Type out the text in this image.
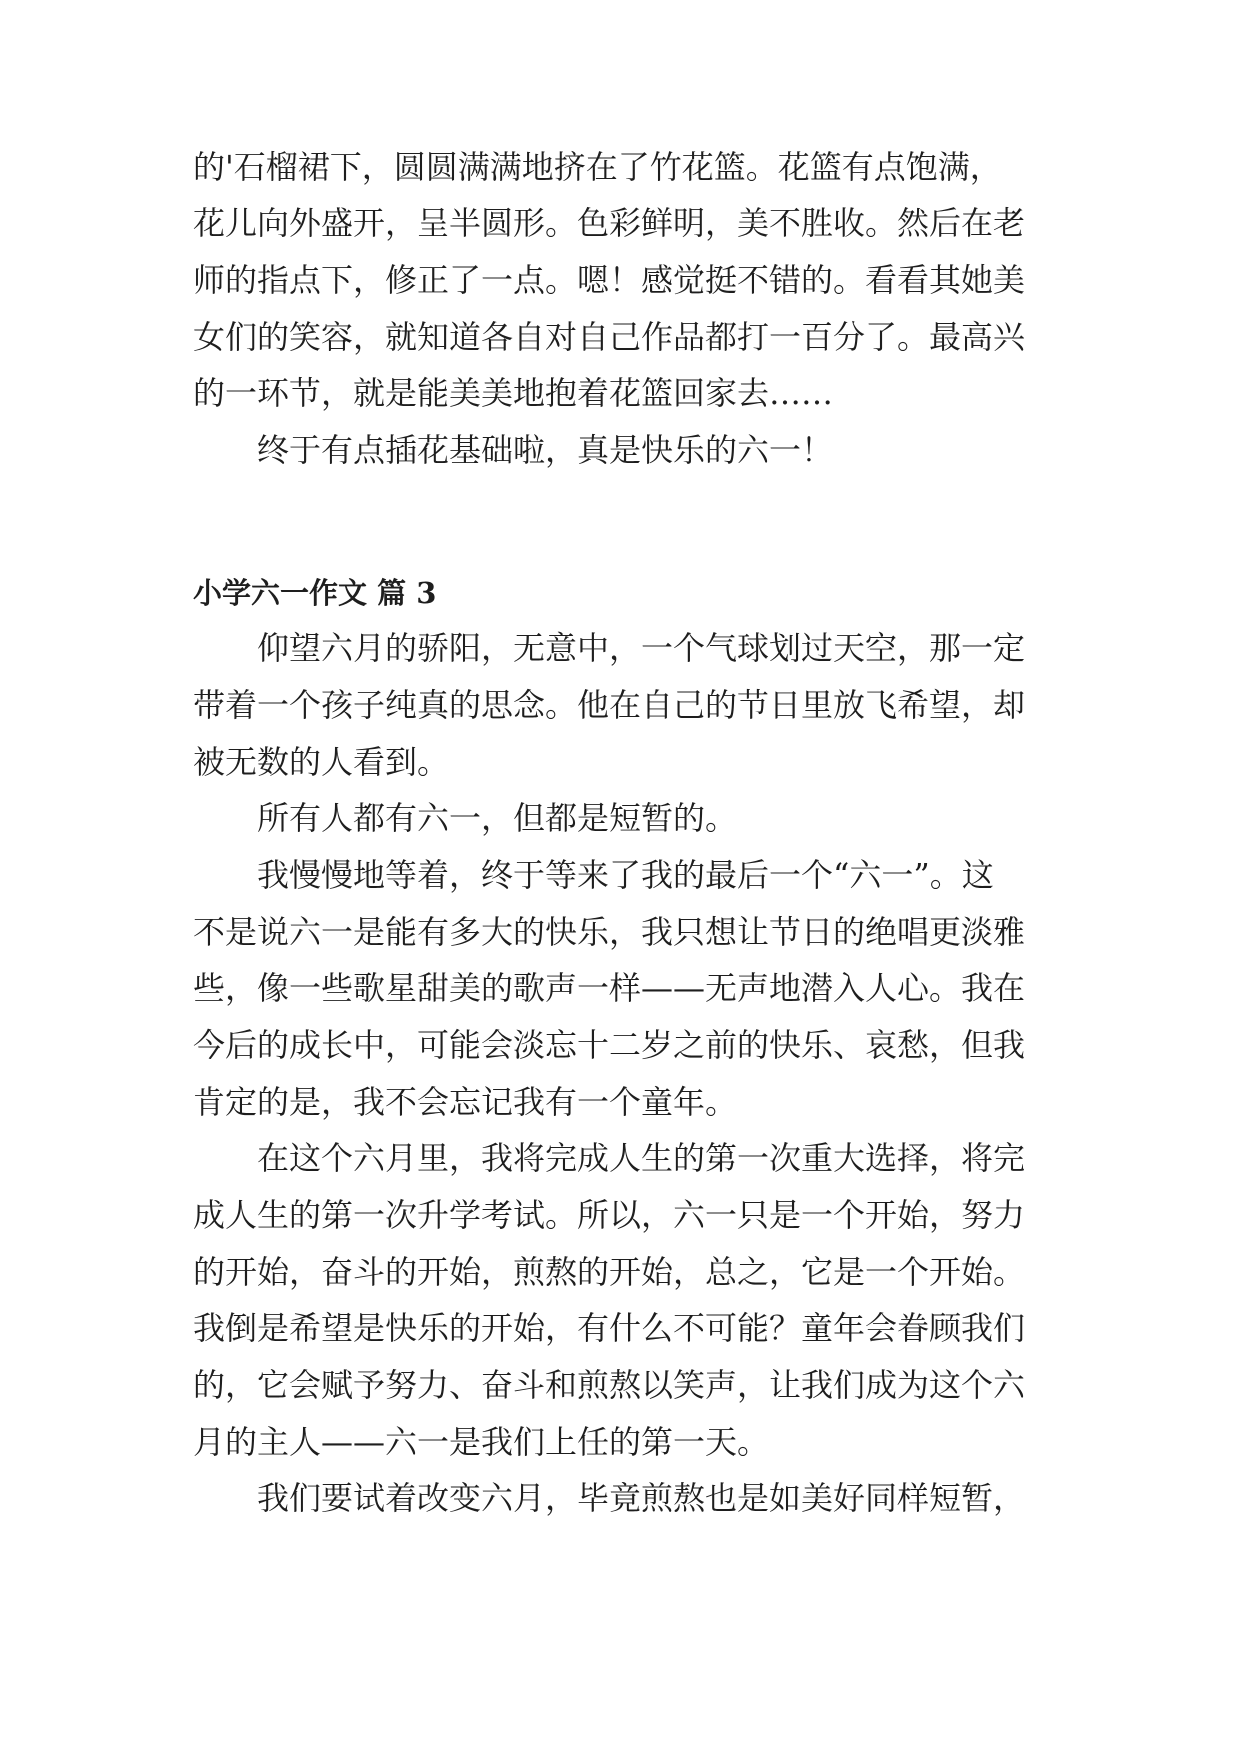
的'石榴裙下，圆圆满满地挤在了竹花篮。花篮有点饱满，

花儿向外盛开，呈半圆形。色彩鲜明，美不胜收。然后在老

师的指点下，修正了一点。嗯！感觉挺不错的。看看其她美

女们的笑容，就知道各自对自己作品都打一百分了。最高兴

的一环节，就是能美美地抱着花篮回家去……

终于有点插花基础啦，真是快乐的六一！

小学六一作文 篇 3

仰望六月的骄阳，无意中，一个气球划过天空，那一定

带着一个孩子纯真的思念。他在自己的节日里放飞希望，却

被无数的人看到。

所有人都有六一，但都是短暂的。

我慢慢地等着，终于等来了我的最后一个“六一”。这

不是说六一是能有多大的快乐，我只想让节日的绝唱更淡雅

些，像一些歌星甜美的歌声一样——无声地潜入人心。我在

今后的成长中，可能会淡忘十二岁之前的快乐、哀愁，但我

肯定的是，我不会忘记我有一个童年。

在这个六月里，我将完成人生的第一次重大选择，将完

成人生的第一次升学考试。所以，六一只是一个开始，努力

的开始，奋斗的开始，煎熬的开始，总之，它是一个开始。

我倒是希望是快乐的开始，有什么不可能？童年会眷顾我们

的，它会赋予努力、奋斗和煎熬以笑声，让我们成为这个六

月的主人——六一是我们上任的第一天。

我们要试着改变六月，毕竟煎熬也是如美好同样短暂，
